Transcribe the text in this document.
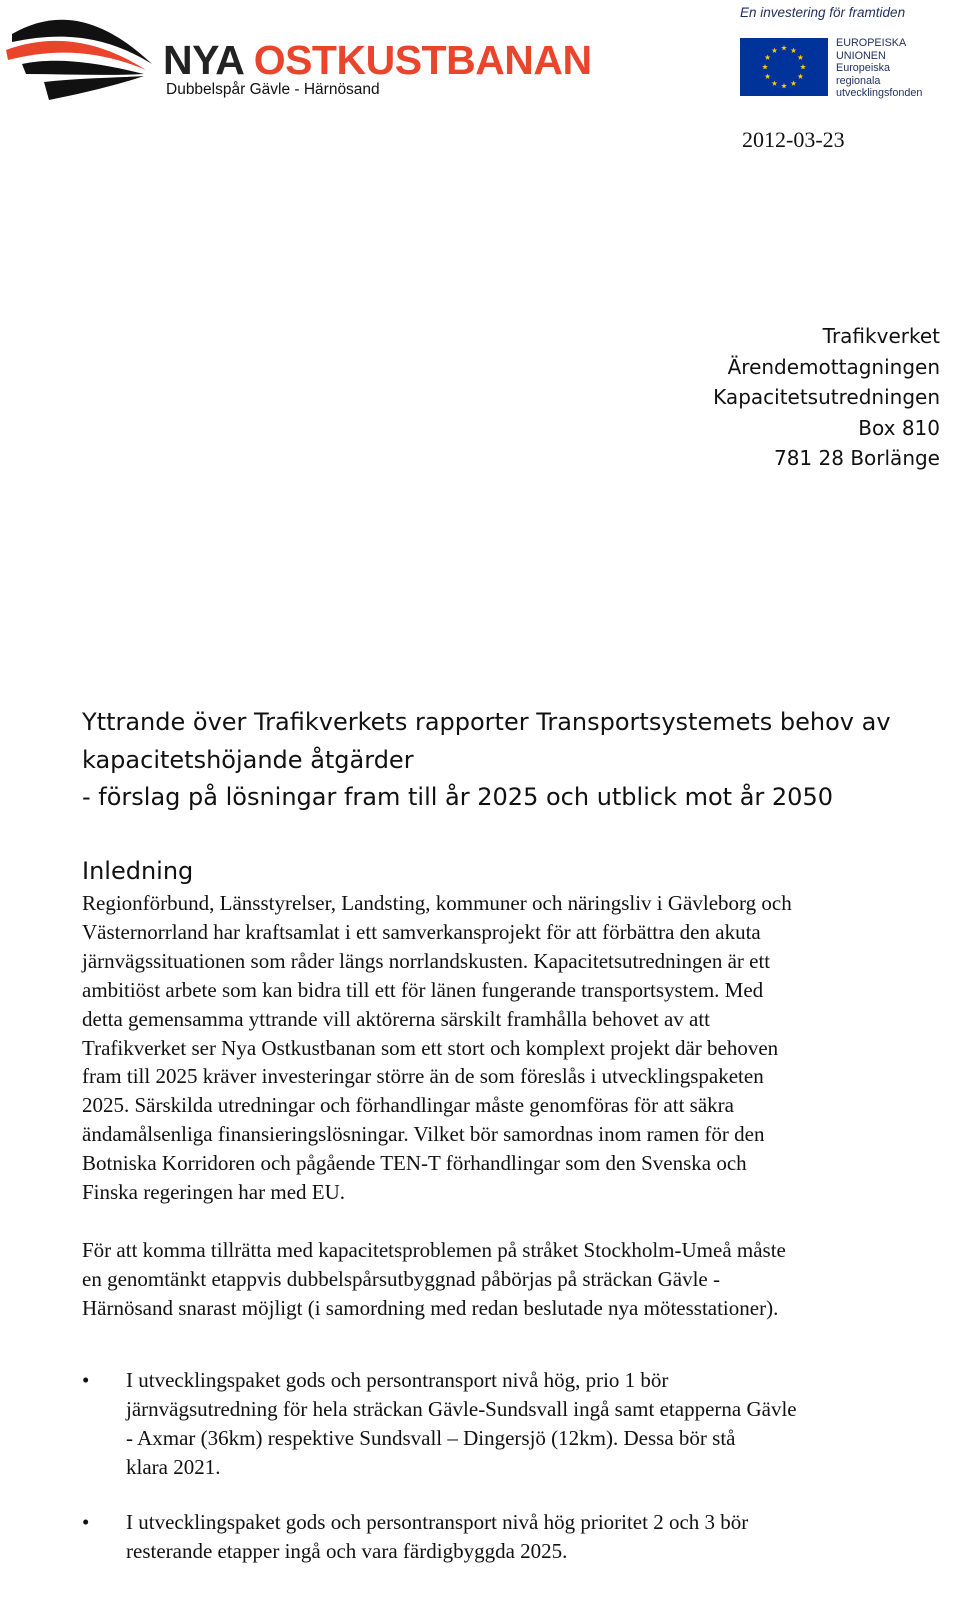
NYA OSTKUSTBANAN
Dubbelspår Gävle - Härnösand
En investering för framtiden
EUROPEISKA
UNIONEN
Europeiska
regionala
utvecklingsfonden
2012-03-23
Trafikverket
Ärendemottagningen
Kapacitetsutredningen
Box 810
781 28 Borlänge
Yttrande över Trafikverkets rapporter Transportsystemets behov av
kapacitetshöjande åtgärder
- förslag på lösningar fram till år 2025 och utblick mot år 2050
Inledning
Regionförbund, Länsstyrelser, Landsting, kommuner och näringsliv i Gävleborg och
Västernorrland har kraftsamlat i ett samverkansprojekt för att förbättra den akuta
järnvägssituationen som råder längs norrlandskusten. Kapacitetsutredningen är ett
ambitiöst arbete som kan bidra till ett för länen fungerande transportsystem. Med
detta gemensamma yttrande vill aktörerna särskilt framhålla behovet av att
Trafikverket ser Nya Ostkustbanan som ett stort och komplext projekt där behoven
fram till 2025 kräver investeringar större än de som föreslås i utvecklingspaketen
2025. Särskilda utredningar och förhandlingar måste genomföras för att säkra
ändamålsenliga finansieringslösningar. Vilket bör samordnas inom ramen för den
Botniska Korridoren och pågående TEN-T förhandlingar som den Svenska och
Finska regeringen har med EU.
För att komma tillrätta med kapacitetsproblemen på stråket Stockholm-Umeå måste
en genomtänkt etappvis dubbelspårsutbyggnad påbörjas på sträckan Gävle -
Härnösand snarast möjligt (i samordning med redan beslutade nya mötesstationer).
•	I utvecklingspaket gods och persontransport nivå hög, prio 1 bör
järnvägsutredning för hela sträckan Gävle-Sundsvall ingå samt etapperna Gävle
- Axmar (36km) respektive Sundsvall – Dingersjö (12km). Dessa bör stå
klara 2021.
•	I utvecklingspaket gods och persontransport nivå hög prioritet 2 och 3 bör
resterande etapper ingå och vara färdigbyggda 2025.
